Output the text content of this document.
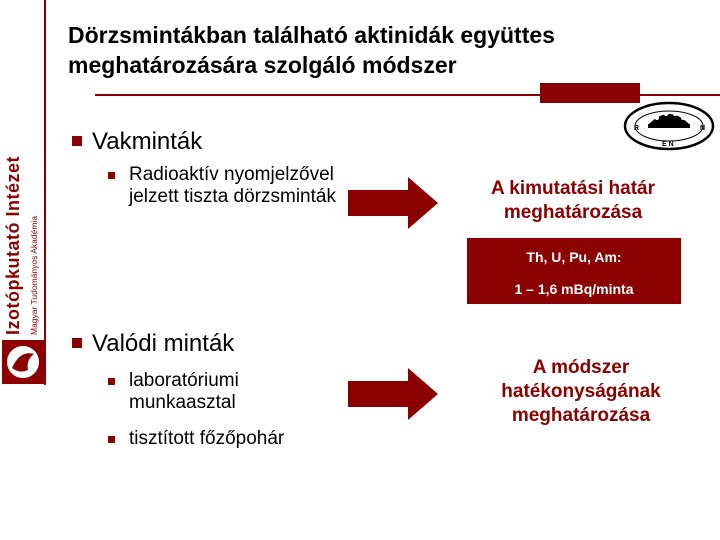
Izotópkutató Intézet Magyar Tudományos Akadémia
Dörzsmintákban található aktinidák együttes meghatározására szolgáló módszer
R	N
E N
Vakminták
Radioaktív nyomjelzővel jelzett tiszta dörzsminták	A kimutatási határ meghatározása
Th, U, Pu, Am:
1 – 1,6 mBq/minta
Valódi minták
laboratóriumi munkaasztal
tisztított főzőpohár
A módszer hatékonyságának meghatározása
